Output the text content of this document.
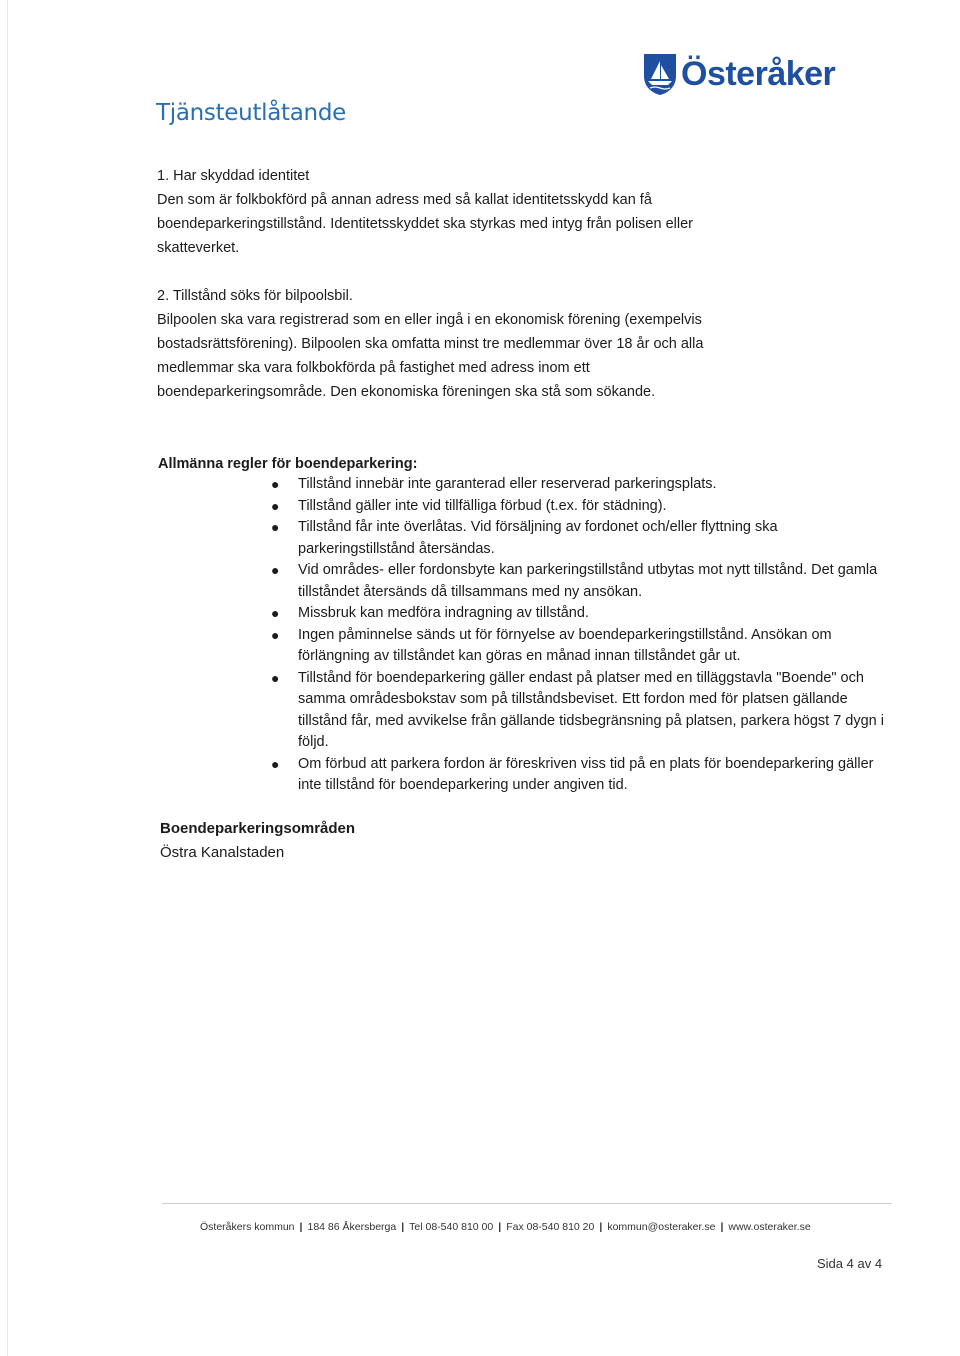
Österåker
Tjänsteutlåtande

1. Har skyddad identitet

Den som är folkbokförd på annan adress med så kallat identitetsskydd kan få boendeparkeringstillstånd. Identitetsskyddet ska styrkas med intyg från polisen eller skatteverket.

2. Tillstånd söks för bilpoolsbil.

Bilpoolen ska vara registrerad som en eller ingå i en ekonomisk förening (exempelvis bostadsrättsförening). Bilpoolen ska omfatta minst tre medlemmar över 18 år och alla medlemmar ska vara folkbokförda på fastighet med adress inom ett boendeparkeringsområde. Den ekonomiska föreningen ska stå som sökande.

Allmänna regler för boendeparkering:
● Tillstånd innebär inte garanterad eller reserverad parkeringsplats.
● Tillstånd gäller inte vid tillfälliga förbud (t.ex. för städning).
● Tillstånd får inte överlåtas. Vid försäljning av fordonet och/eller flyttning ska parkeringstillstånd återsändas.
● Vid områdes- eller fordonsbyte kan parkeringstillstånd utbytas mot nytt tillstånd. Det gamla tillståndet återsänds då tillsammans med ny ansökan.
● Missbruk kan medföra indragning av tillstånd.
● Ingen påminnelse sänds ut för förnyelse av boendeparkeringstillstånd. Ansökan om förlängning av tillståndet kan göras en månad innan tillståndet går ut.
● Tillstånd för boendeparkering gäller endast på platser med en tilläggstavla "Boende" och samma områdesbokstav som på tillståndsbeviset. Ett fordon med för platsen gällande tillstånd får, med avvikelse från gällande tidsbegränsning på platsen, parkera högst 7 dygn i följd.
● Om förbud att parkera fordon är föreskriven viss tid på en plats för boendeparkering gäller inte tillstånd för boendeparkering under angiven tid.
Boendeparkeringsområden

Östra Kanalstaden

Österåkers kommun | 184 86 Åkersberga | Tel 08-540 810 00 | Fax 08-540 810 20 | kommun@osteraker.se | www.osteraker.se
Sida 4 av 4
